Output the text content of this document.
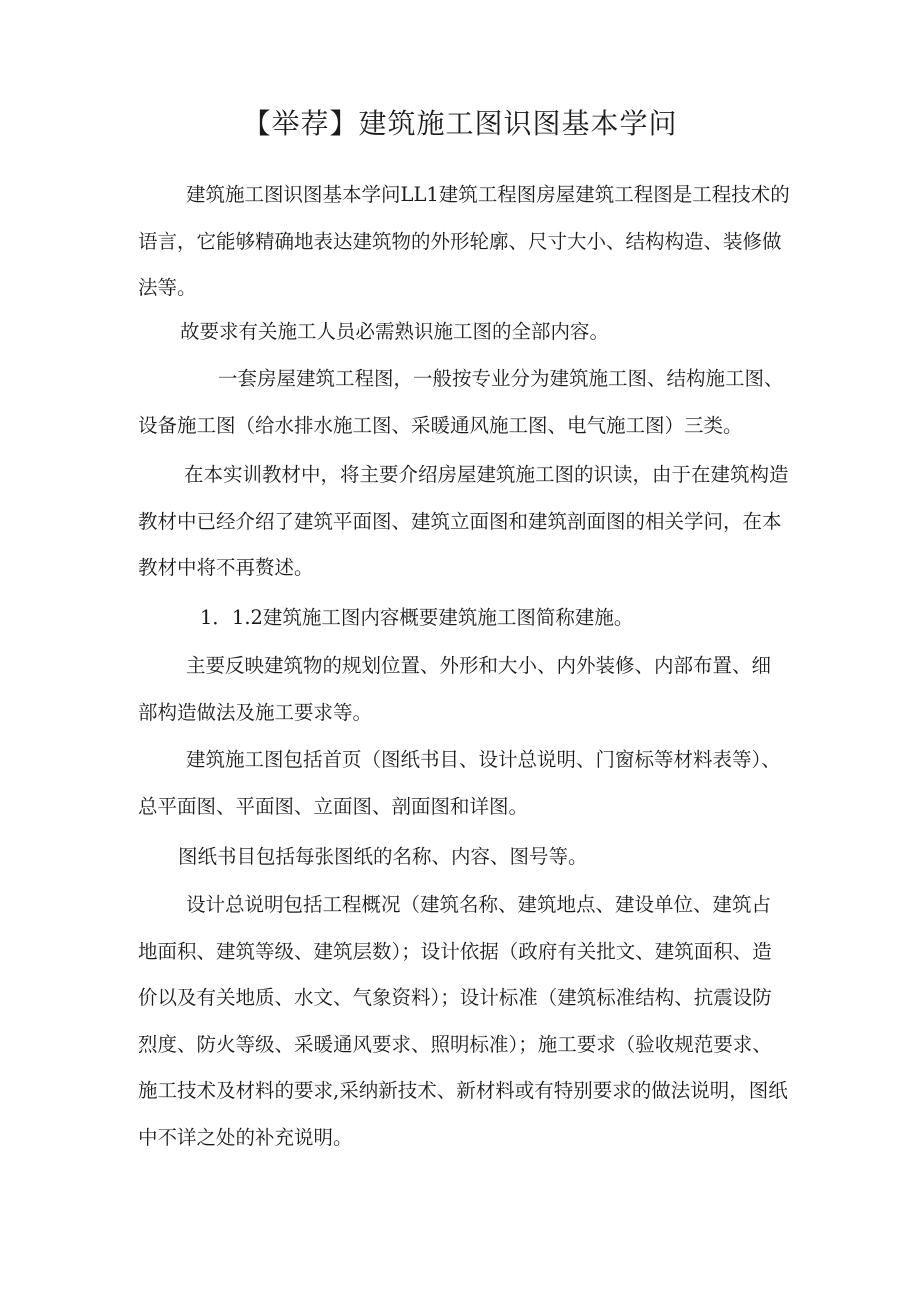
【举荐】建筑施工图识图基本学问

建筑施工图识图基本学问LL1建筑工程图房屋建筑工程图是工程技术的语言，它能够精确地表达建筑物的外形轮廓、尺寸大小、结构构造、装修做法等。

故要求有关施工人员必需熟识施工图的全部内容。

一套房屋建筑工程图，一般按专业分为建筑施工图、结构施工图、设备施工图（给水排水施工图、采暖通风施工图、电气施工图）三类。

在本实训教材中，将主要介绍房屋建筑施工图的识读，由于在建筑构造教材中已经介绍了建筑平面图、建筑立面图和建筑剖面图的相关学问，在本教材中将不再赘述。

1．1.2建筑施工图内容概要建筑施工图简称建施。

主要反映建筑物的规划位置、外形和大小、内外装修、内部布置、细部构造做法及施工要求等。

建筑施工图包括首页（图纸书目、设计总说明、门窗标等材料表等）、总平面图、平面图、立面图、剖面图和详图。

图纸书目包括每张图纸的名称、内容、图号等。

设计总说明包括工程概况（建筑名称、建筑地点、建设单位、建筑占地面积、建筑等级、建筑层数）；设计依据（政府有关批文、建筑面积、造价以及有关地质、水文、气象资料）；设计标准（建筑标准结构、抗震设防烈度、防火等级、采暖通风要求、照明标准）；施工要求（验收规范要求、施工技术及材料的要求,采纳新技术、新材料或有特别要求的做法说明，图纸中不详之处的补充说明。
